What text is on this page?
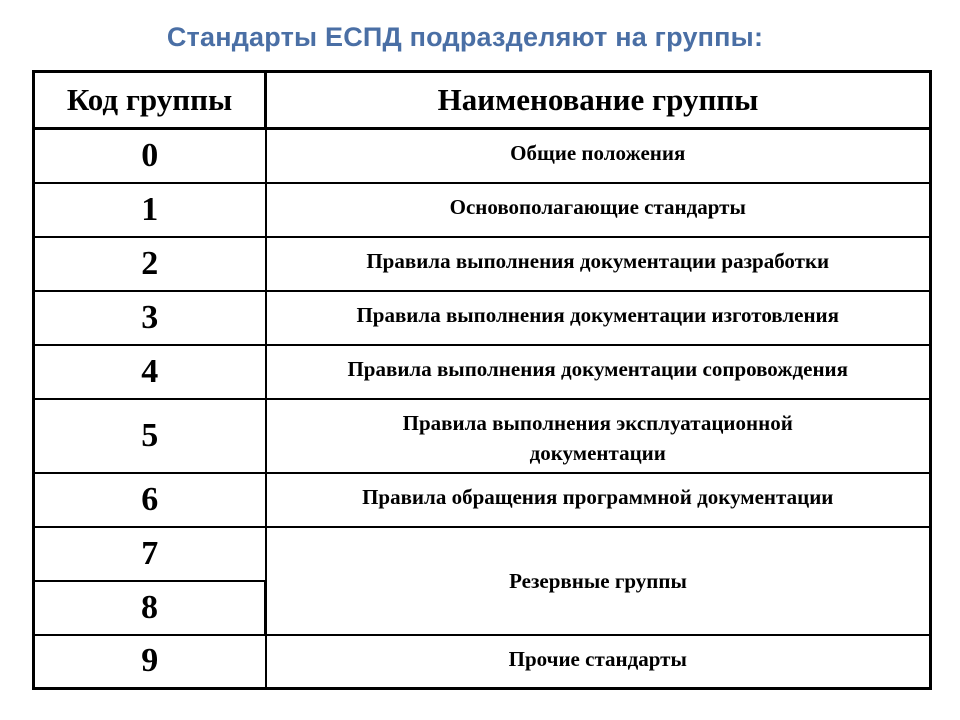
Стандарты ЕСПД подразделяют на группы:
Код группы	Наименование группы
0	Общие положения
1	Основополагающие стандарты
2	Правила выполнения документации разработки
3	Правила выполнения документации изготовления
4	Правила выполнения документации сопровождения
5	Правила выполнения эксплуатационной документации
6	Правила обращения программной документации
7	Резервные группы
8	
9	Прочие стандарты
